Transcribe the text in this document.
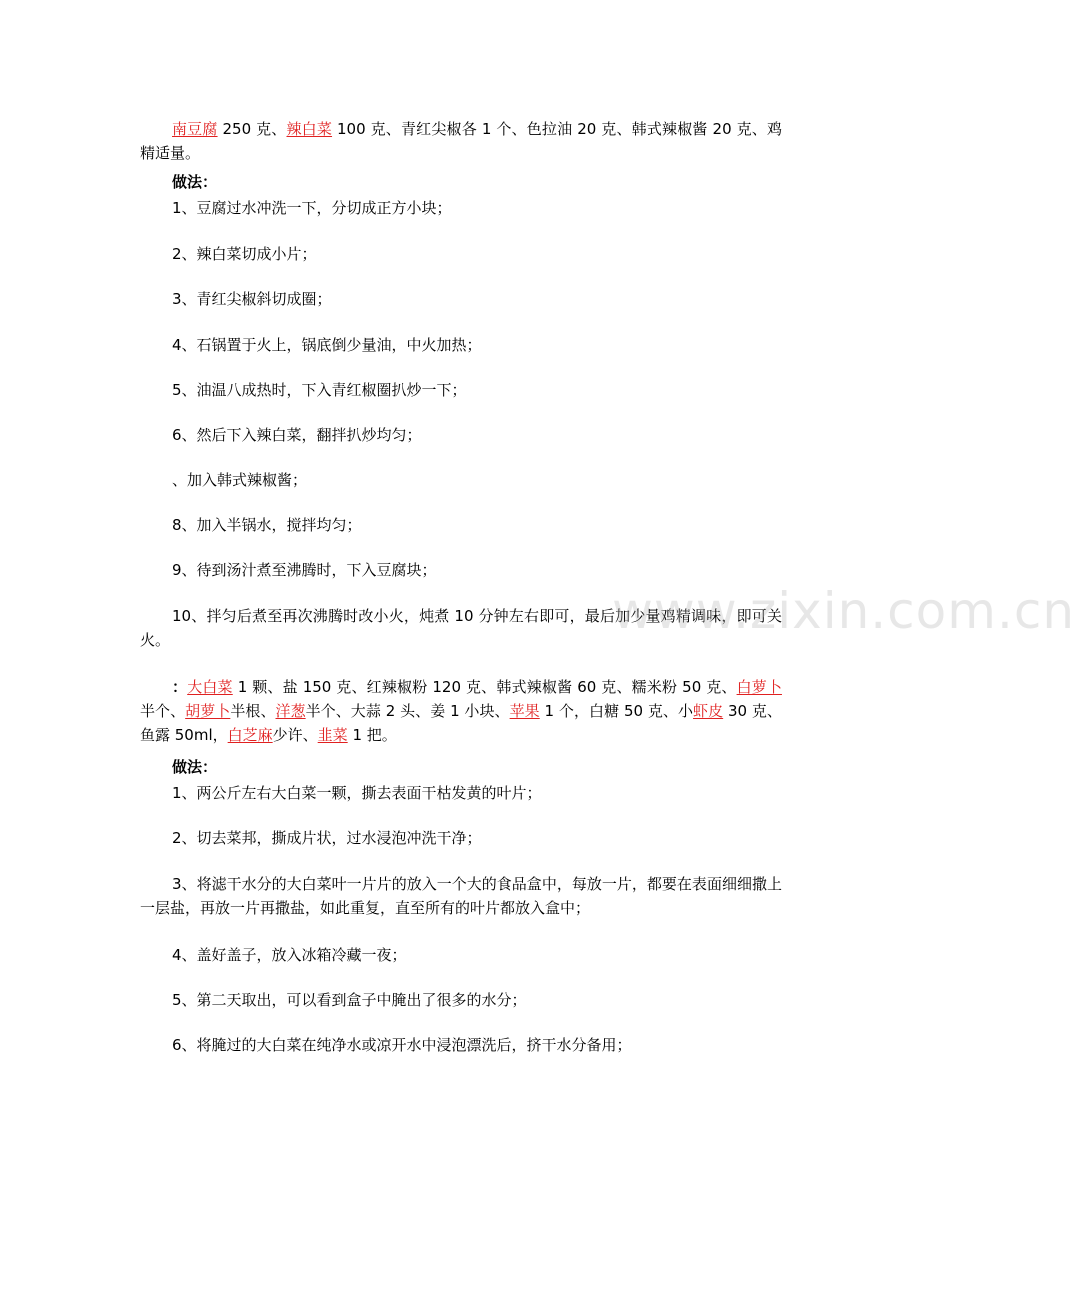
南豆腐 250 克、辣白菜 100 克、青红尖椒各 1 个、色拉油 20 克、韩式辣椒酱 20 克、鸡精适量。
做法：
1、豆腐过水冲洗一下，分切成正方小块；
2、辣白菜切成小片；
3、青红尖椒斜切成圈；
4、石锅置于火上，锅底倒少量油，中火加热；
5、油温八成热时，下入青红椒圈扒炒一下；
6、然后下入辣白菜，翻拌扒炒均匀；
、加入韩式辣椒酱；
8、加入半锅水，搅拌均匀；
9、待到汤汁煮至沸腾时，下入豆腐块；
10、拌匀后煮至再次沸腾时改小火，炖煮 10 分钟左右即可，最后加少量鸡精调味，即可关火。
：大白菜 1 颗、盐 150 克、红辣椒粉 120 克、韩式辣椒酱 60 克、糯米粉 50 克、白萝卜半个、胡萝卜半根、洋葱半个、大蒜 2 头、姜 1 小块、苹果 1 个，白糖 50 克、小虾皮 30 克、鱼露 50ml，白芝麻少许、韭菜 1 把。
做法：
1、两公斤左右大白菜一颗，撕去表面干枯发黄的叶片；
2、切去菜邦，撕成片状，过水浸泡冲洗干净；
3、将滤干水分的大白菜叶一片片的放入一个大的食品盒中，每放一片，都要在表面细细撒上一层盐，再放一片再撒盐，如此重复，直至所有的叶片都放入盒中；
4、盖好盖子，放入冰箱冷藏一夜；
5、第二天取出，可以看到盒子中腌出了很多的水分；
6、将腌过的大白菜在纯净水或凉开水中浸泡漂洗后，挤干水分备用；
www.zixin.com.cn
